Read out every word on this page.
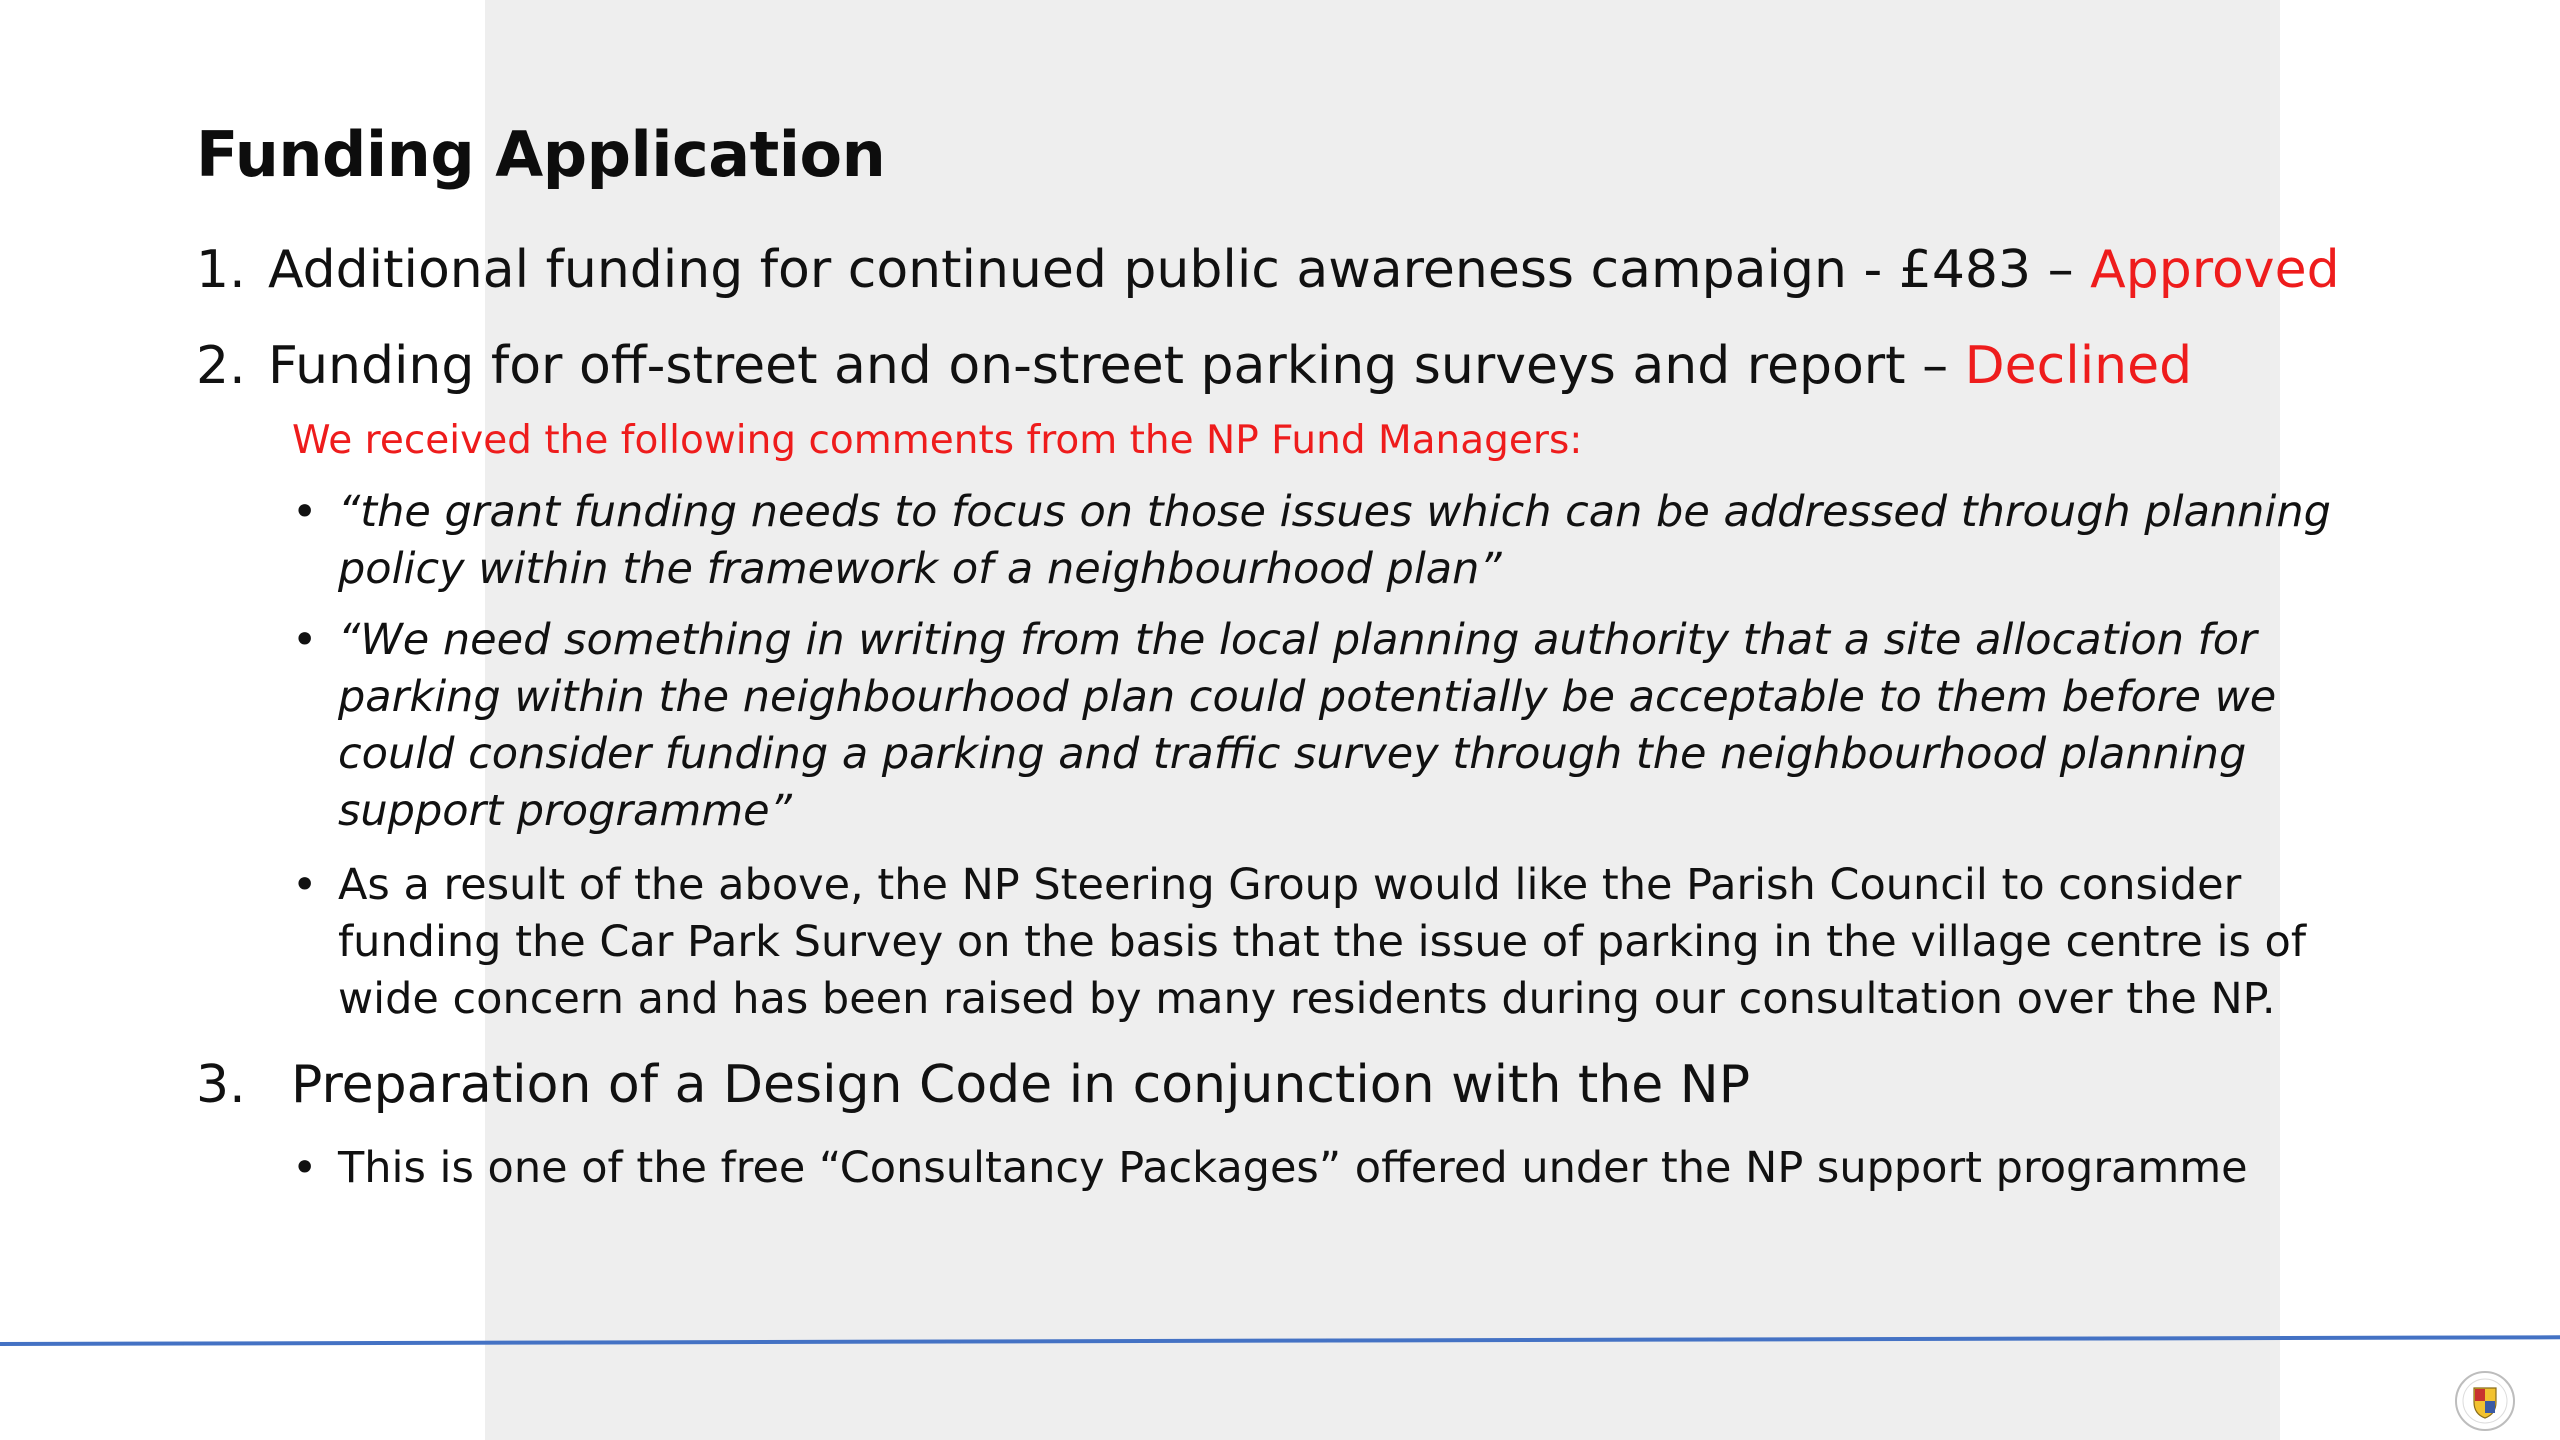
Funding Application
1. Additional funding for continued public awareness campaign - £483 – Approved
2. Funding for off-street and on-street parking surveys and report – Declined
We received the following comments from the NP Fund Managers:
• “the grant funding needs to focus on those issues which can be addressed through planning
policy within the framework of a neighbourhood plan”
• “We need something in writing from the local planning authority that a site allocation for
parking within the neighbourhood plan could potentially be acceptable to them before we
could consider funding a parking and traffic survey through the neighbourhood planning
support programme”
• As a result of the above, the NP Steering Group would like the Parish Council to consider
funding the Car Park Survey on the basis that the issue of parking in the village centre is of
wide concern and has been raised by many residents during our consultation over the NP.
3. Preparation of a Design Code in conjunction with the NP
• This is one of the free “Consultancy Packages” offered under the NP support programme
